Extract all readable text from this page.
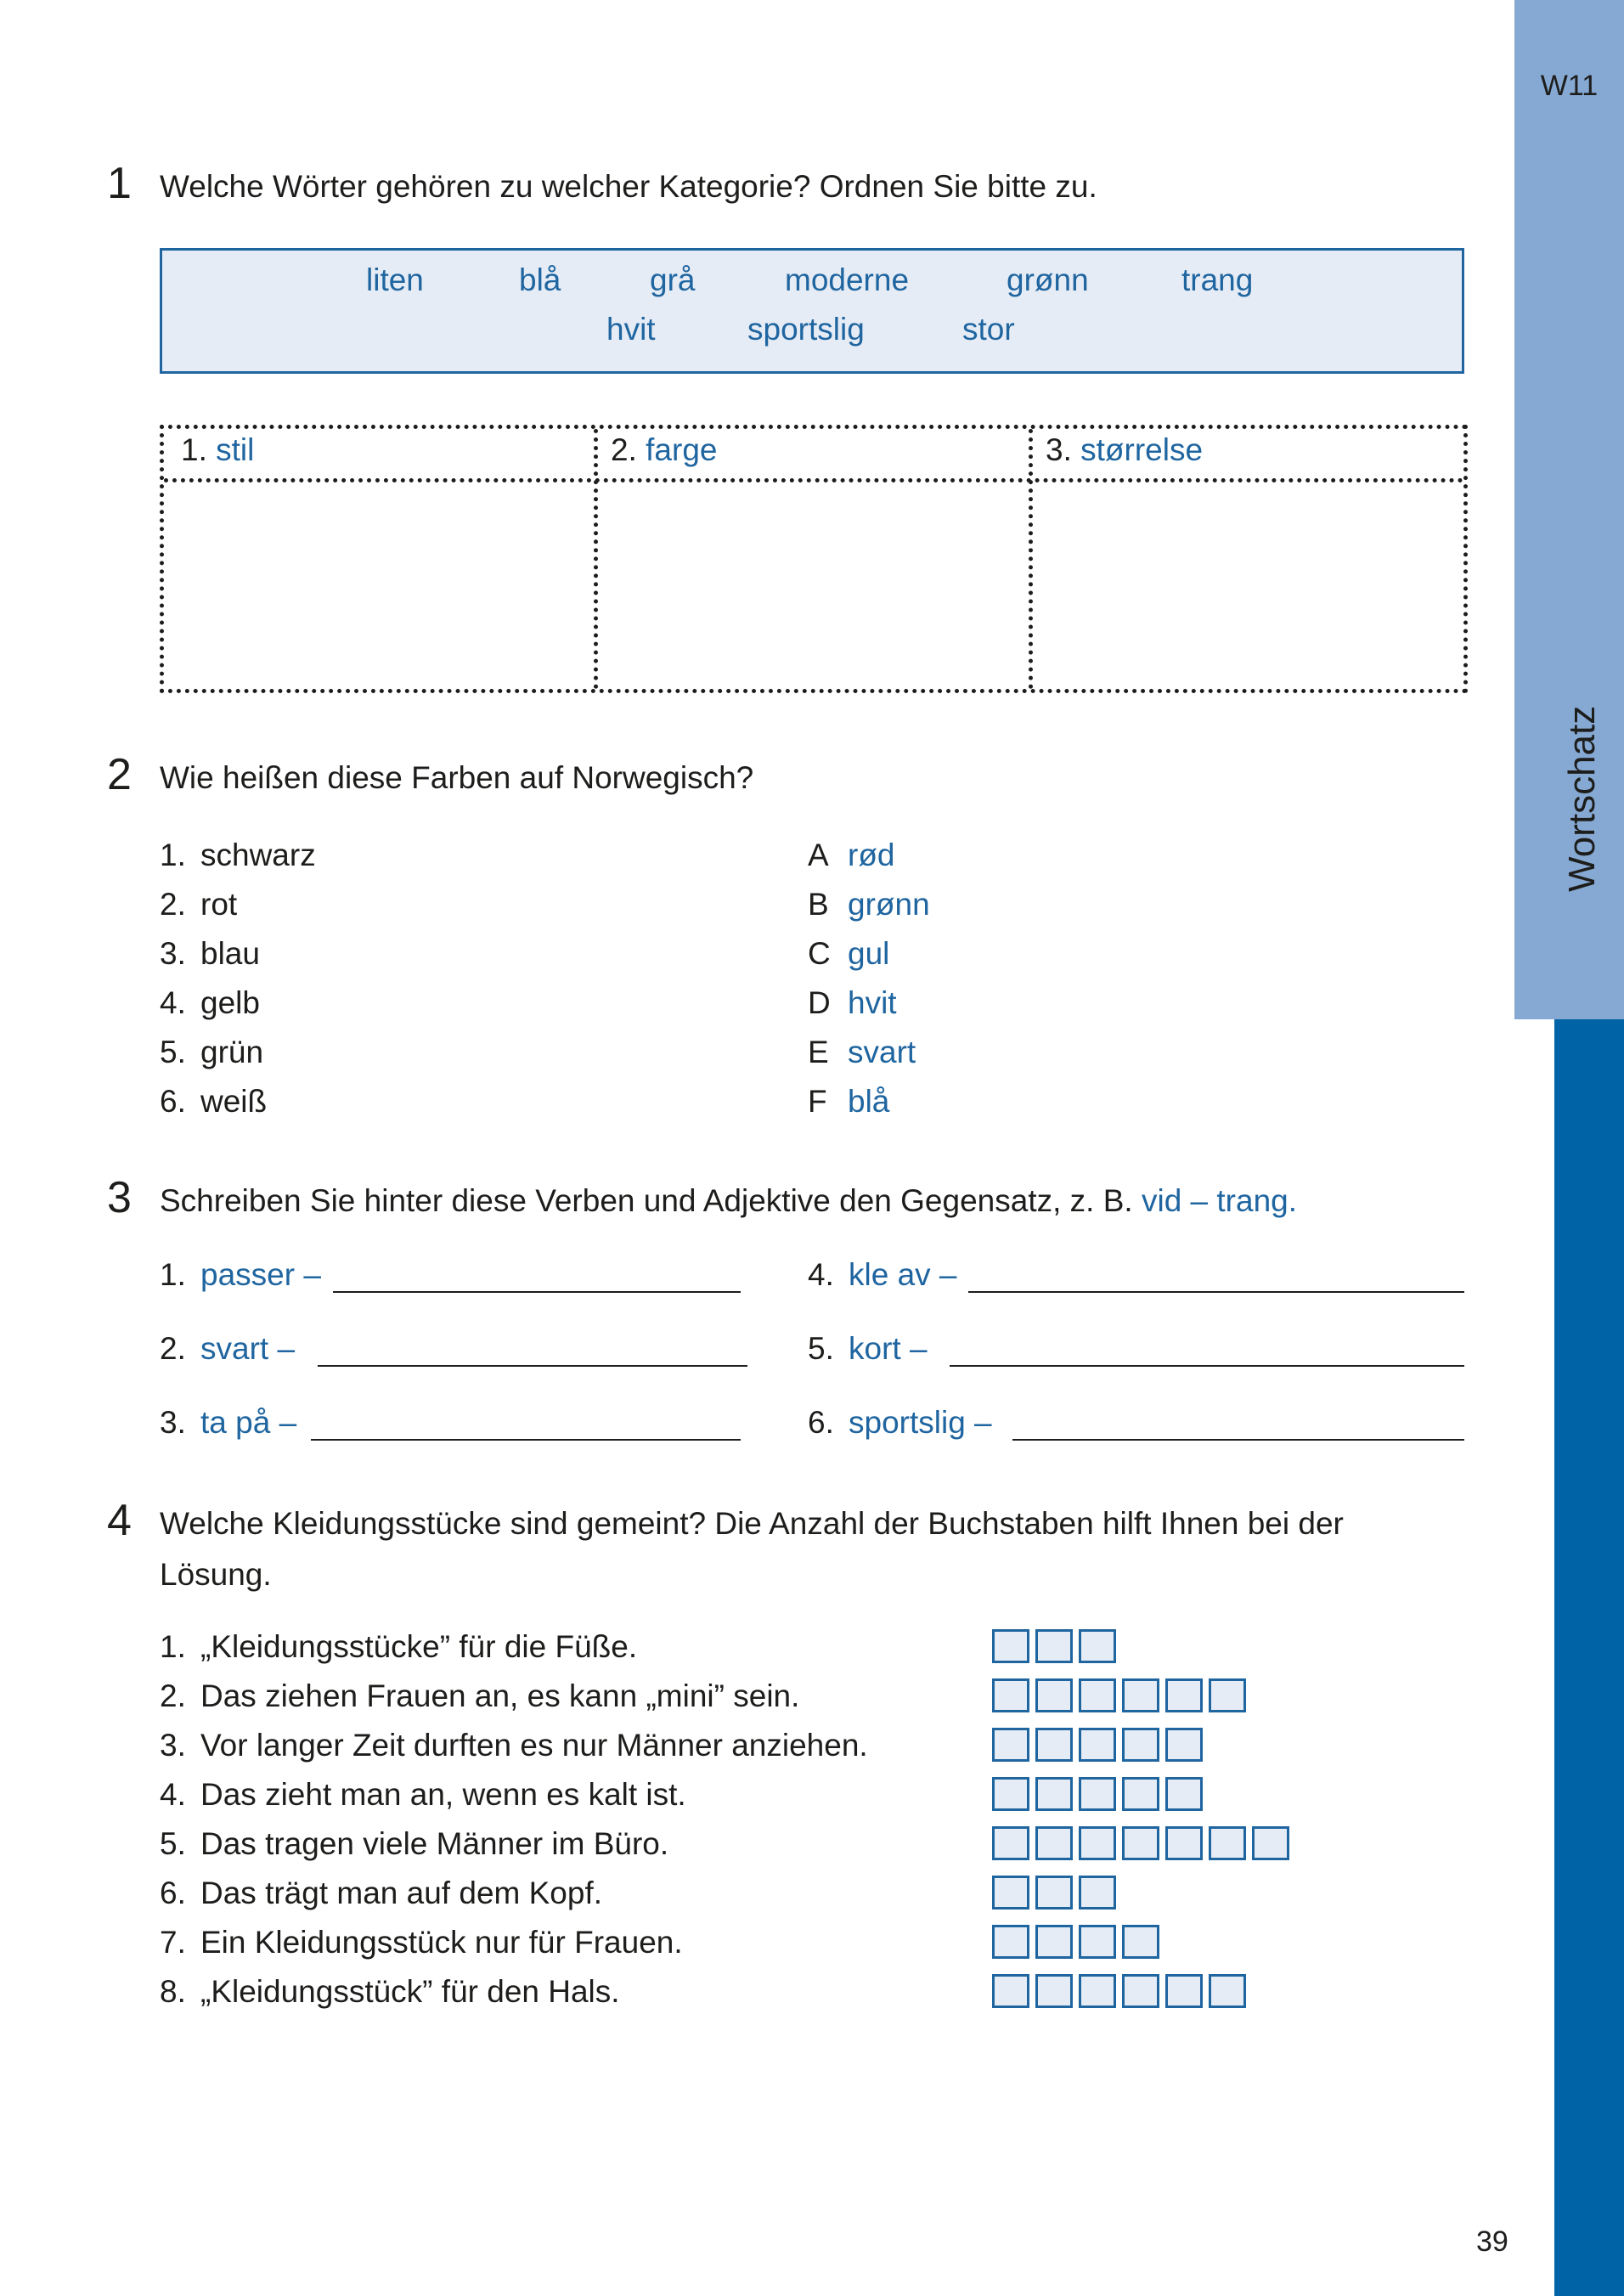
W11
Wortschatz
39
1 Welche Wörter gehören zu welcher Kategorie? Ordnen Sie bitte zu.
liten	blå	grå	moderne	grønn	trang
hvit	sportslig	stor
1. stil	2. farge	3. størrelse
2 Wie heißen diese Farben auf Norwegisch?
1. schwarz
2. rot
3. blau
4. gelb
5. grün
6. weiß
A rød
B grønn
C gul
D hvit
E svart
F blå
3 Schreiben Sie hinter diese Verben und Adjektive den Gegensatz, z. B. vid – trang.
1. passer –
2. svart –
3. ta på –
4. kle av –
5. kort –
6. sportslig –
4 Welche Kleidungsstücke sind gemeint? Die Anzahl der Buchstaben hilft Ihnen bei der
Lösung.
1. „Kleidungsstücke” für die Füße.
2. Das ziehen Frauen an, es kann „mini” sein.
3. Vor langer Zeit durften es nur Männer anziehen.
4. Das zieht man an, wenn es kalt ist.
5. Das tragen viele Männer im Büro.
6. Das trägt man auf dem Kopf.
7. Ein Kleidungsstück nur für Frauen.
8. „Kleidungsstück” für den Hals.
